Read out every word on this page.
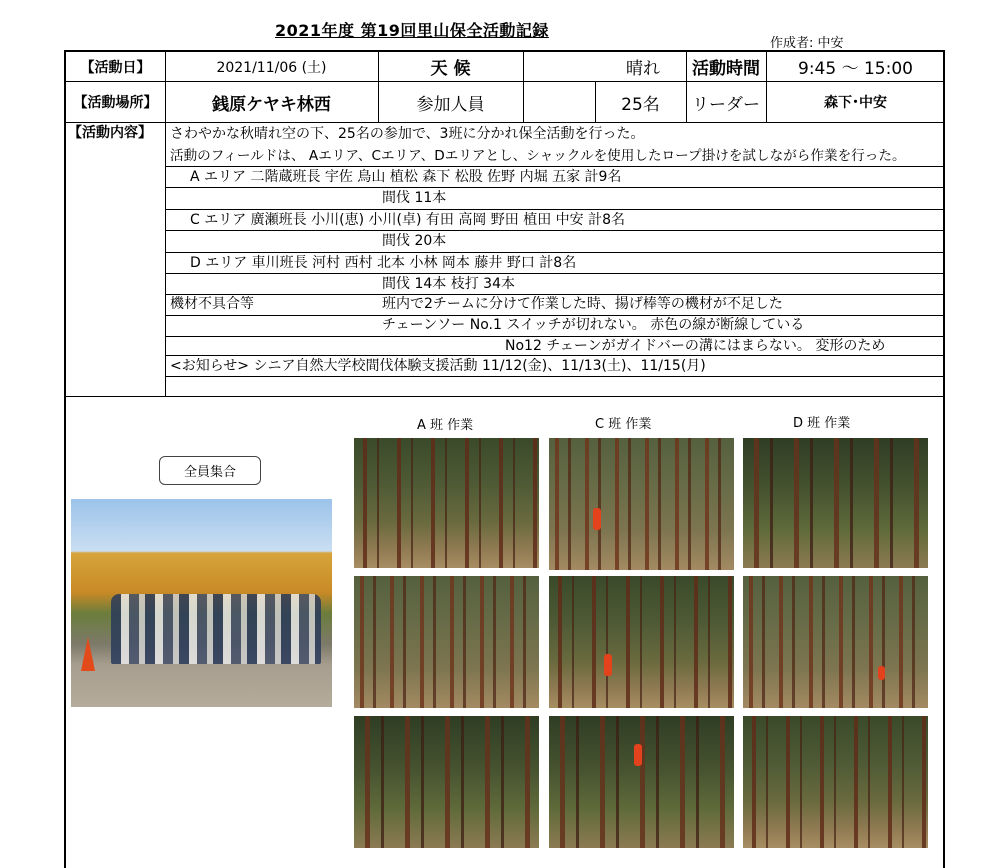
2021年度 第19回里山保全活動記録
作成者: 中安
【活動日】	2021/11/06 (土)	天 候	晴れ	活動時間	9:45 〜 15:00
【活動場所】	銭原ケヤキ林西	参加人員	25名	リーダー	森下･中安
【活動内容】 さわやかな秋晴れ空の下、25名の参加で、3班に分かれ保全活動を行った。
活動のフィールドは、 Aエリア、Cエリア、Dエリアとし、シャックルを使用したロープ掛けを試しながら作業を行った。
A エリア 二階蔵班長 宇佐 鳥山 植松 森下 松股 佐野 内堀 五家 計9名
間伐 11本
C エリア 廣瀬班長 小川(恵) 小川(卓) 有田 高岡 野田 植田 中安 計8名
間伐 20本
D エリア 車川班長 河村 西村 北本 小林 岡本 藤井 野口 計8名
間伐 14本 枝打 34本
機材不具合等	班内で2チームに分けて作業した時、揚げ棒等の機材が不足した
チェーンソー No.1 スイッチが切れない。 赤色の線が断線している
No12 チェーンがガイドバーの溝にはまらない。 変形のため
<お知らせ> シニア自然大学校間伐体験支援活動 11/12(金)、11/13(土)、11/15(月)
全員集合
A 班 作業	C 班 作業	D 班 作業
